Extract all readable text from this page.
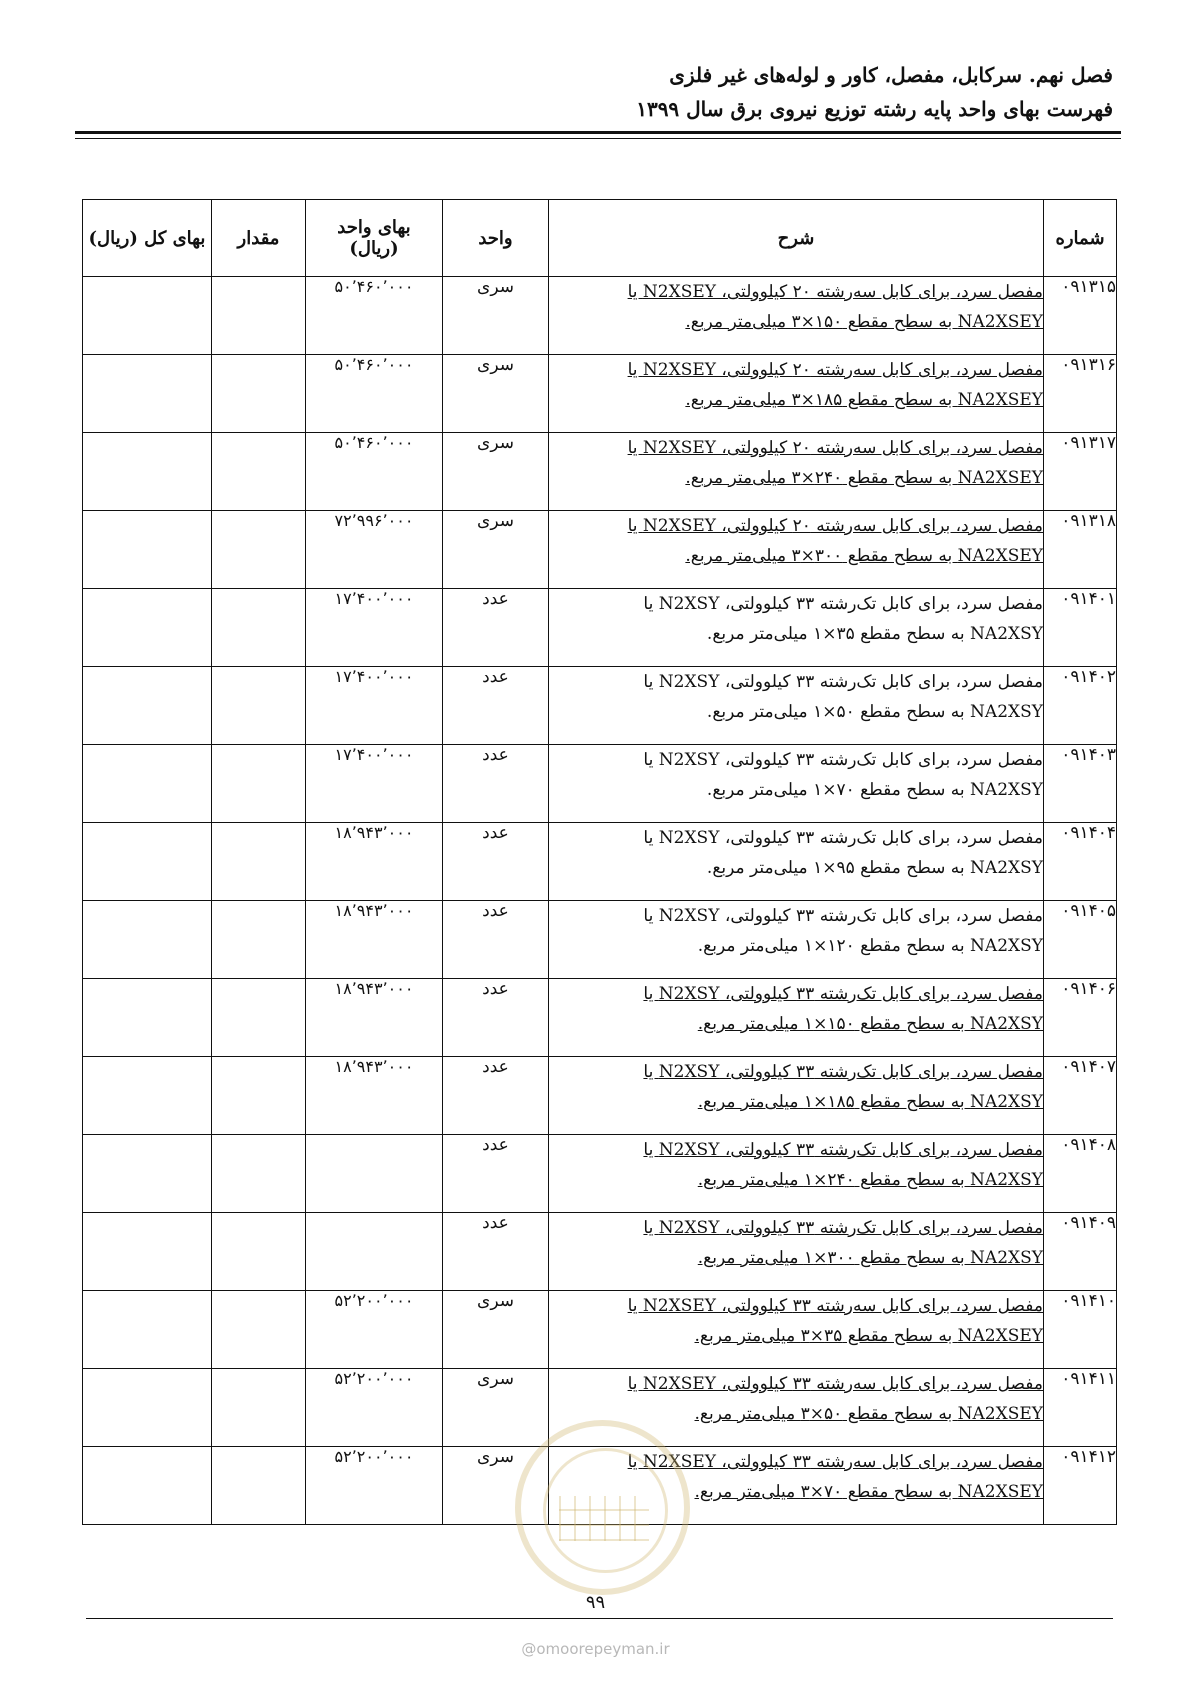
فصل نهم. سرکابل، مفصل، کاور و لوله‌های غیر فلزی
فهرست بهای واحد پایه رشته توزیع نیروی برق سال ۱۳۹۹
شماره	شرح	واحد	بهای واحد
(ریال)	مقدار	بهای کل (ریال)
۰۹۱۳۱۵	مفصل سرد، برای کابل سه‌رشته ۲۰ کیلوولتی، N2XSEY یا
NA2XSEY به سطح مقطع ۱۵۰×۳ میلی‌متر مربع.	سری	۵۰٬۴۶۰٬۰۰۰		
۰۹۱۳۱۶	مفصل سرد، برای کابل سه‌رشته ۲۰ کیلوولتی، N2XSEY یا
NA2XSEY به سطح مقطع ۱۸۵×۳ میلی‌متر مربع.	سری	۵۰٬۴۶۰٬۰۰۰		
۰۹۱۳۱۷	مفصل سرد، برای کابل سه‌رشته ۲۰ کیلوولتی، N2XSEY یا
NA2XSEY به سطح مقطع ۲۴۰×۳ میلی‌متر مربع.	سری	۵۰٬۴۶۰٬۰۰۰		
۰۹۱۳۱۸	مفصل سرد، برای کابل سه‌رشته ۲۰ کیلوولتی، N2XSEY یا
NA2XSEY به سطح مقطع ۳۰۰×۳ میلی‌متر مربع.	سری	۷۲٬۹۹۶٬۰۰۰		
۰۹۱۴۰۱	مفصل سرد، برای کابل تک‌رشته ۳۳ کیلوولتی، N2XSY یا
NA2XSY به سطح مقطع ۳۵×۱ میلی‌متر مربع.	عدد	۱۷٬۴۰۰٬۰۰۰		
۰۹۱۴۰۲	مفصل سرد، برای کابل تک‌رشته ۳۳ کیلوولتی، N2XSY یا
NA2XSY به سطح مقطع ۵۰×۱ میلی‌متر مربع.	عدد	۱۷٬۴۰۰٬۰۰۰		
۰۹۱۴۰۳	مفصل سرد، برای کابل تک‌رشته ۳۳ کیلوولتی، N2XSY یا
NA2XSY به سطح مقطع ۷۰×۱ میلی‌متر مربع.	عدد	۱۷٬۴۰۰٬۰۰۰		
۰۹۱۴۰۴	مفصل سرد، برای کابل تک‌رشته ۳۳ کیلوولتی، N2XSY یا
NA2XSY به سطح مقطع ۹۵×۱ میلی‌متر مربع.	عدد	۱۸٬۹۴۳٬۰۰۰		
۰۹۱۴۰۵	مفصل سرد، برای کابل تک‌رشته ۳۳ کیلوولتی، N2XSY یا
NA2XSY به سطح مقطع ۱۲۰×۱ میلی‌متر مربع.	عدد	۱۸٬۹۴۳٬۰۰۰		
۰۹۱۴۰۶	مفصل سرد، برای کابل تک‌رشته ۳۳ کیلوولتی، N2XSY یا
NA2XSY به سطح مقطع ۱۵۰×۱ میلی‌متر مربع.	عدد	۱۸٬۹۴۳٬۰۰۰		
۰۹۱۴۰۷	مفصل سرد، برای کابل تک‌رشته ۳۳ کیلوولتی، N2XSY یا
NA2XSY به سطح مقطع ۱۸۵×۱ میلی‌متر مربع.	عدد	۱۸٬۹۴۳٬۰۰۰		
۰۹۱۴۰۸	مفصل سرد، برای کابل تک‌رشته ۳۳ کیلوولتی، N2XSY یا
NA2XSY به سطح مقطع ۲۴۰×۱ میلی‌متر مربع.	عدد			
۰۹۱۴۰۹	مفصل سرد، برای کابل تک‌رشته ۳۳ کیلوولتی، N2XSY یا
NA2XSY به سطح مقطع ۳۰۰×۱ میلی‌متر مربع.	عدد			
۰۹۱۴۱۰	مفصل سرد، برای کابل سه‌رشته ۳۳ کیلوولتی، N2XSEY یا
NA2XSEY به سطح مقطع ۳۵×۳ میلی‌متر مربع.	سری	۵۲٬۲۰۰٬۰۰۰		
۰۹۱۴۱۱	مفصل سرد، برای کابل سه‌رشته ۳۳ کیلوولتی، N2XSEY یا
NA2XSEY به سطح مقطع ۵۰×۳ میلی‌متر مربع.	سری	۵۲٬۲۰۰٬۰۰۰		
۰۹۱۴۱۲	مفصل سرد، برای کابل سه‌رشته ۳۳ کیلوولتی، N2XSEY یا
NA2XSEY به سطح مقطع ۷۰×۳ میلی‌متر مربع.	سری	۵۲٬۲۰۰٬۰۰۰		
۹۹
@omoorepeyman.ir
